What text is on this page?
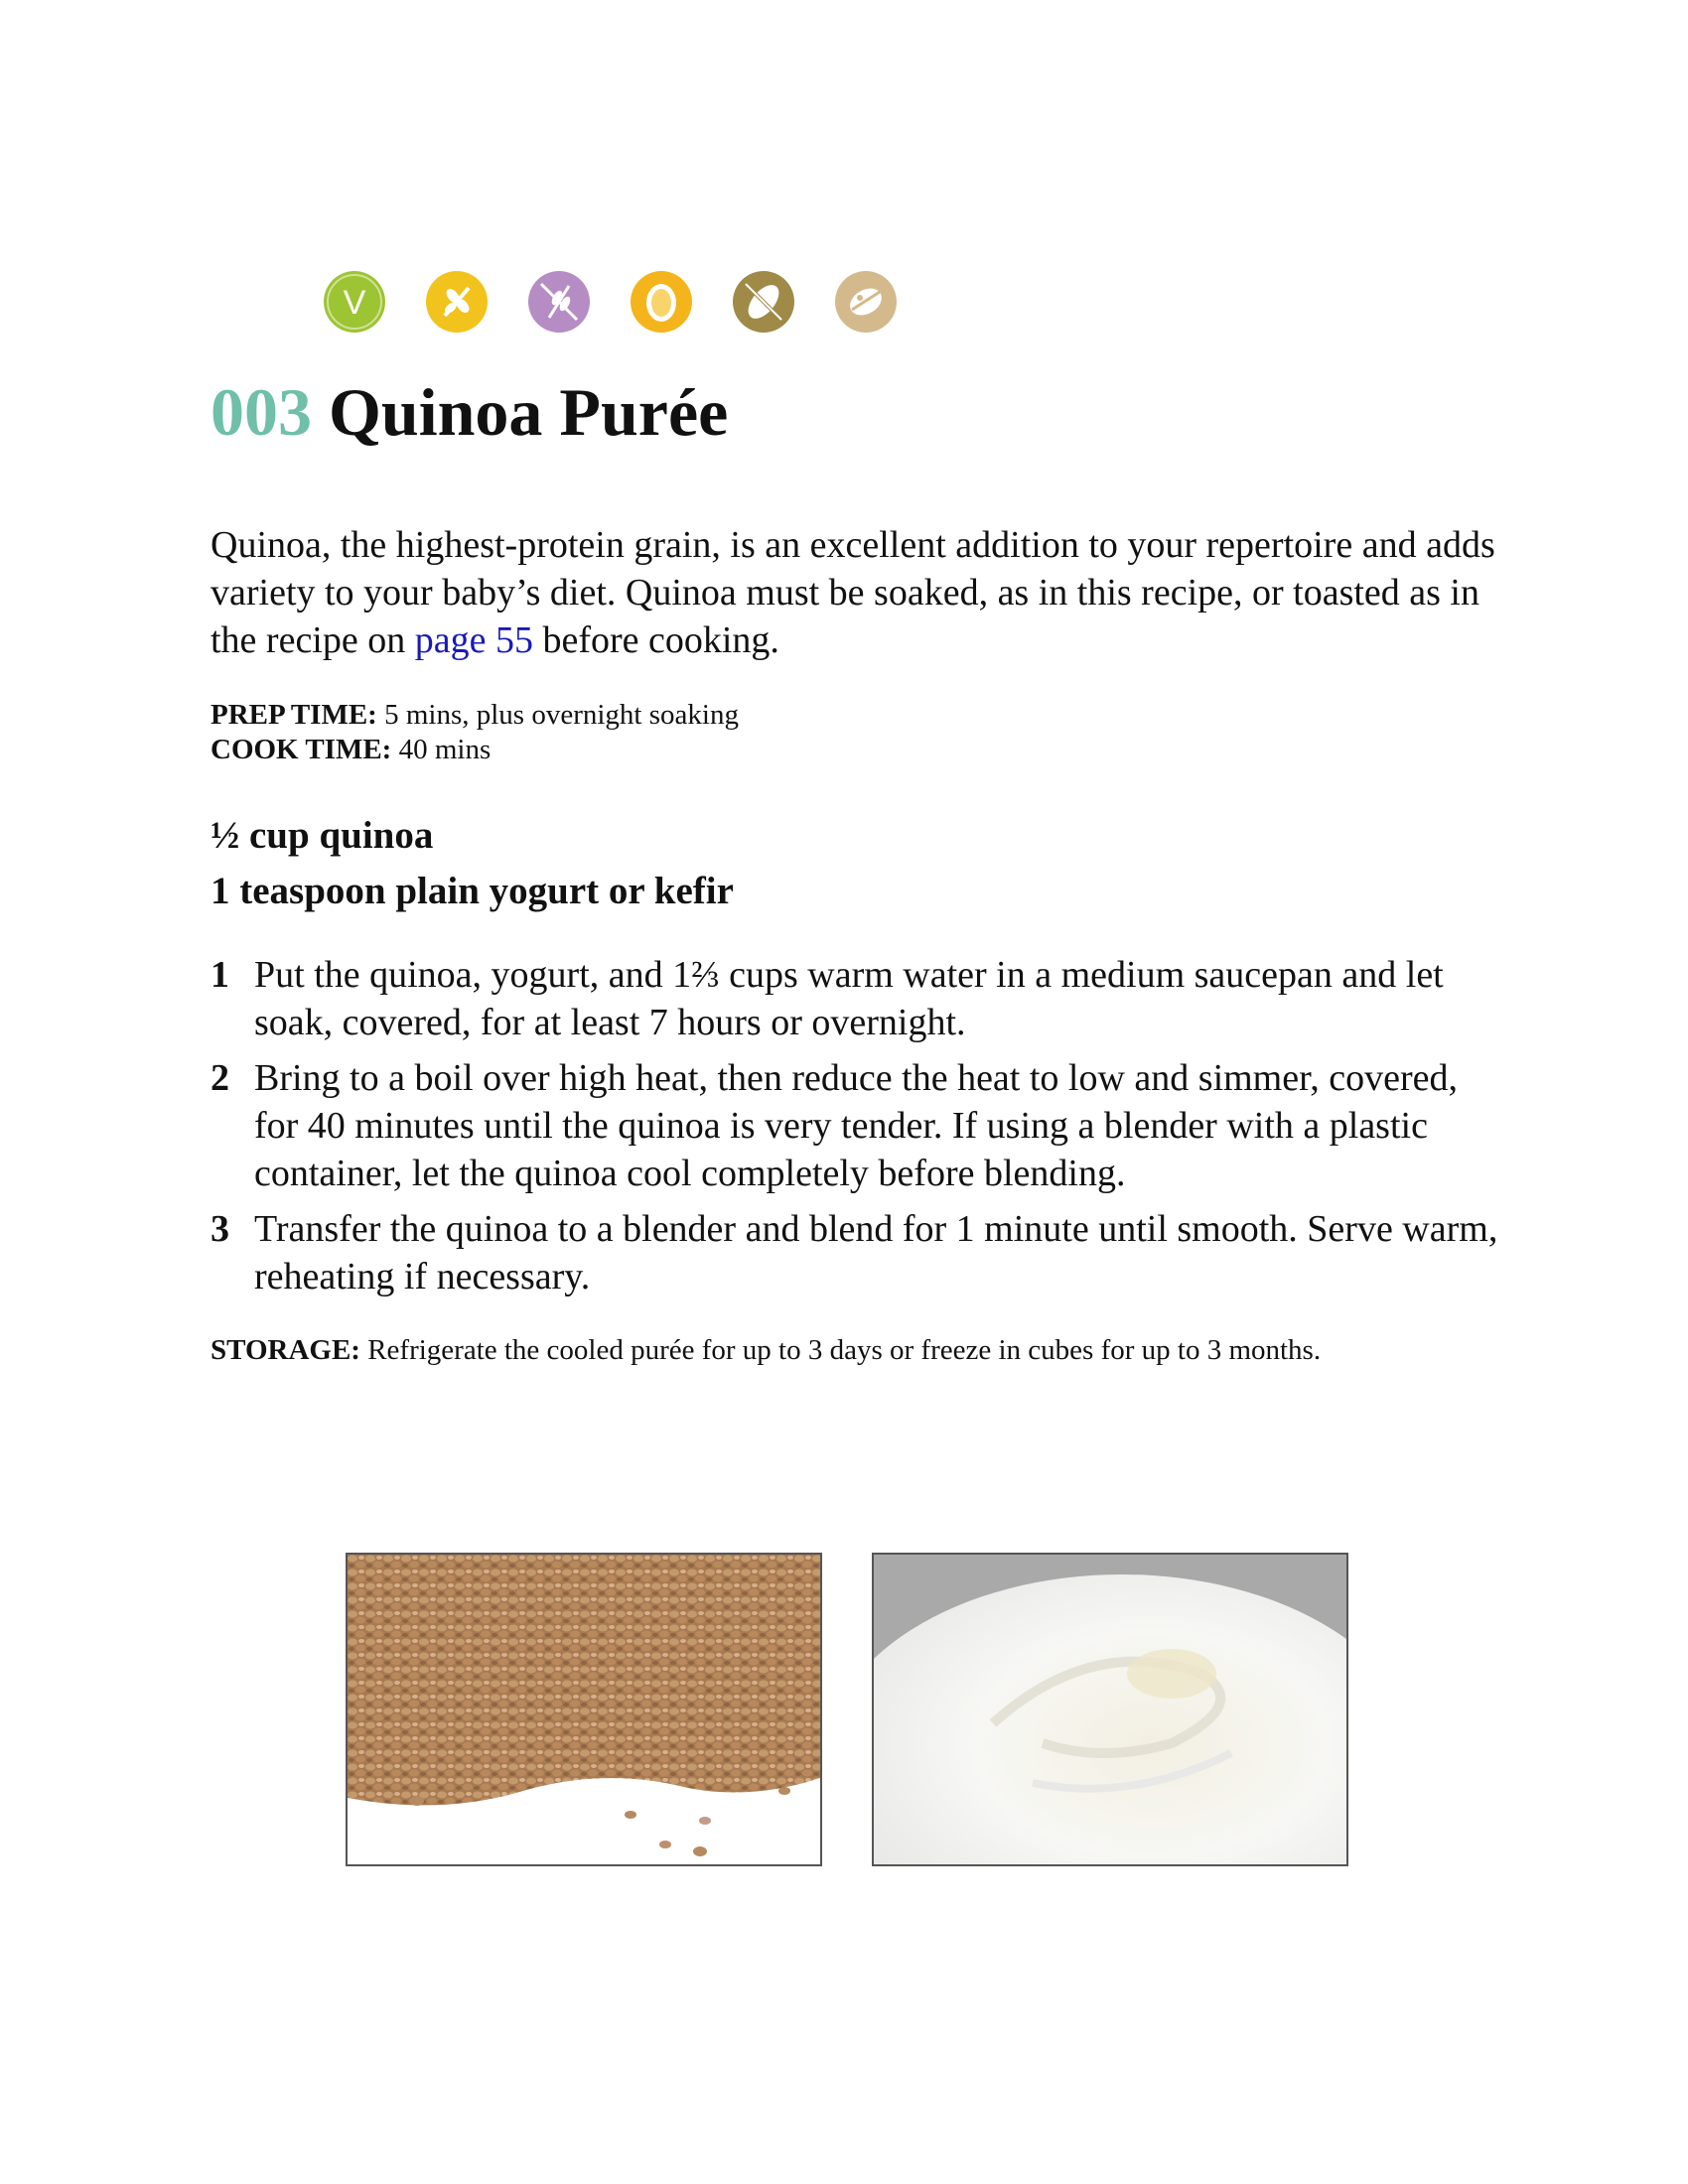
V
003 Quinoa Purée
Quinoa, the highest-protein grain, is an excellent addition to your repertoire and adds variety to your baby’s diet. Quinoa must be soaked, as in this recipe, or toasted as in the recipe on page 55 before cooking.
PREP TIME: 5 mins, plus overnight soaking
COOK TIME: 40 mins
½ cup quinoa
1 teaspoon plain yogurt or kefir
1 Put the quinoa, yogurt, and 1⅔ cups warm water in a medium saucepan and let soak, covered, for at least 7 hours or overnight.
2 Bring to a boil over high heat, then reduce the heat to low and simmer, covered, for 40 minutes until the quinoa is very tender. If using a blender with a plastic container, let the quinoa cool completely before blending.
3 Transfer the quinoa to a blender and blend for 1 minute until smooth. Serve warm, reheating if necessary.
STORAGE: Refrigerate the cooled purée for up to 3 days or freeze in cubes for up to 3 months.
